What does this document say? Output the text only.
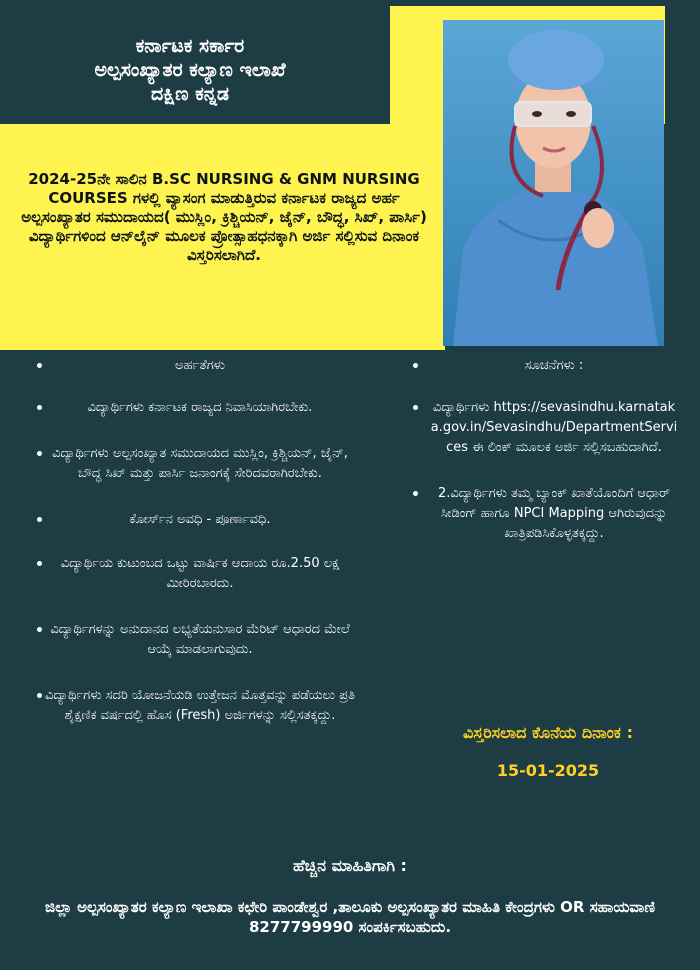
ಕರ್ನಾಟಕ ಸರ್ಕಾರ
ಅಲ್ಪಸಂಖ್ಯಾತರ ಕಲ್ಯಾಣ ಇಲಾಖೆ
ದಕ್ಷಿಣ ಕನ್ನಡ
2024-25ನೇ ಸಾಲಿನ B.SC NURSING & GNM NURSING COURSES ಗಳಲ್ಲಿ ವ್ಯಾಸಂಗ ಮಾಡುತ್ತಿರುವ ಕರ್ನಾಟಕ ರಾಜ್ಯದ ಅರ್ಹ ಅಲ್ಪಸಂಖ್ಯಾತರ ಸಮುದಾಯದ( ಮುಸ್ಲಿಂ, ಕ್ರಿಶ್ಚಿಯನ್, ಜೈನ್, ಬೌದ್ಧ, ಸಿಖ್, ಪಾರ್ಸಿ) ವಿದ್ಯಾರ್ಥಿಗಳಿಂದ ಆನ್‌ಲೈನ್ ಮೂಲಕ ಪ್ರೋತ್ಸಾಹಧನಕ್ಕಾಗಿ ಅರ್ಜಿ ಸಲ್ಲಿಸುವ ದಿನಾಂಕ ವಿಸ್ತರಿಸಲಾಗಿದೆ.
ಅರ್ಹತೆಗಳು
ವಿದ್ಯಾರ್ಥಿಗಳು ಕರ್ನಾಟಕ ರಾಜ್ಯದ ನಿವಾಸಿಯಾಗಿರಬೇಕು.
ವಿದ್ಯಾರ್ಥಿಗಳು ಅಲ್ಪಸಂಖ್ಯಾತ ಸಮುದಾಯದ ಮುಸ್ಲಿಂ, ಕ್ರಿಶ್ಚಿಯನ್, ಜೈನ್, ಬೌದ್ಧ ಸಿಖ್ ಮತ್ತು ಪಾರ್ಸಿ ಜನಾಂಗಕ್ಕೆ ಸೇರಿದವರಾಗಿರಬೇಕು.
ಕೋರ್ಸ್‌ನ ಅವಧಿ - ಪೂರ್ಣಾವಧಿ.
ವಿದ್ಯಾರ್ಥಿಯ ಕುಟುಂಬದ ಒಟ್ಟು ವಾರ್ಷಿಕ ಆದಾಯ ರೂ.2.50 ಲಕ್ಷ ಮೀರಿರಬಾರದು.
ವಿದ್ಯಾರ್ಥಿಗಳನ್ನು ಅನುದಾನದ ಲಭ್ಯತೆಯನುಸಾರ ಮೆರಿಟ್ ಆಧಾರದ ಮೇಲೆ ಆಯ್ಕೆ ಮಾಡಲಾಗುವುದು.
ವಿದ್ಯಾರ್ಥಿಗಳು ಸದರಿ ಯೋಜನೆಯಡಿ ಉತ್ತೇಜನ ಮೊತ್ತವನ್ನು ಪಡೆಯಲು ಪ್ರತಿ ಶೈಕ್ಷಣಿಕ ವರ್ಷದಲ್ಲಿ ಹೊಸ (Fresh) ಅರ್ಜಿಗಳನ್ನು ಸಲ್ಲಿಸತಕ್ಕದ್ದು.
ಸೂಚನೆಗಳು :
ವಿದ್ಯಾರ್ಥಿಗಳು https://sevasindhu.karnataka.gov.in/Sevasindhu/DepartmentServices ಈ ಲಿಂಕ್ ಮೂಲಕ ಅರ್ಜಿ ಸಲ್ಲಿಸಬಹುದಾಗಿದೆ.
2.ವಿದ್ಯಾರ್ಥಿಗಳು ತಮ್ಮ ಬ್ಯಾಂಕ್ ಖಾತೆಯೊಂದಿಗೆ ಆಧಾರ್ ಸೀಡಿಂಗ್ ಹಾಗೂ NPCI Mapping ಆಗಿರುವುದನ್ನು ಖಾತ್ರಿಪಡಿಸಿಕೊಳ್ಳತಕ್ಕದ್ದು.
ವಿಸ್ತರಿಸಲಾದ ಕೊನೆಯ ದಿನಾಂಕ :
15-01-2025
ಹೆಚ್ಚಿನ ಮಾಹಿತಿಗಾಗಿ :
ಜಿಲ್ಲಾ ಅಲ್ಪಸಂಖ್ಯಾತರ ಕಲ್ಯಾಣ ಇಲಾಖಾ ಕಛೇರಿ ಪಾಂಡೇಶ್ವರ ,ತಾಲೂಕು ಅಲ್ಪಸಂಖ್ಯಾತರ ಮಾಹಿತಿ ಕೇಂದ್ರಗಳು OR ಸಹಾಯವಾಣಿ 8277799990 ಸಂಪರ್ಕಿಸಬಹುದು.
